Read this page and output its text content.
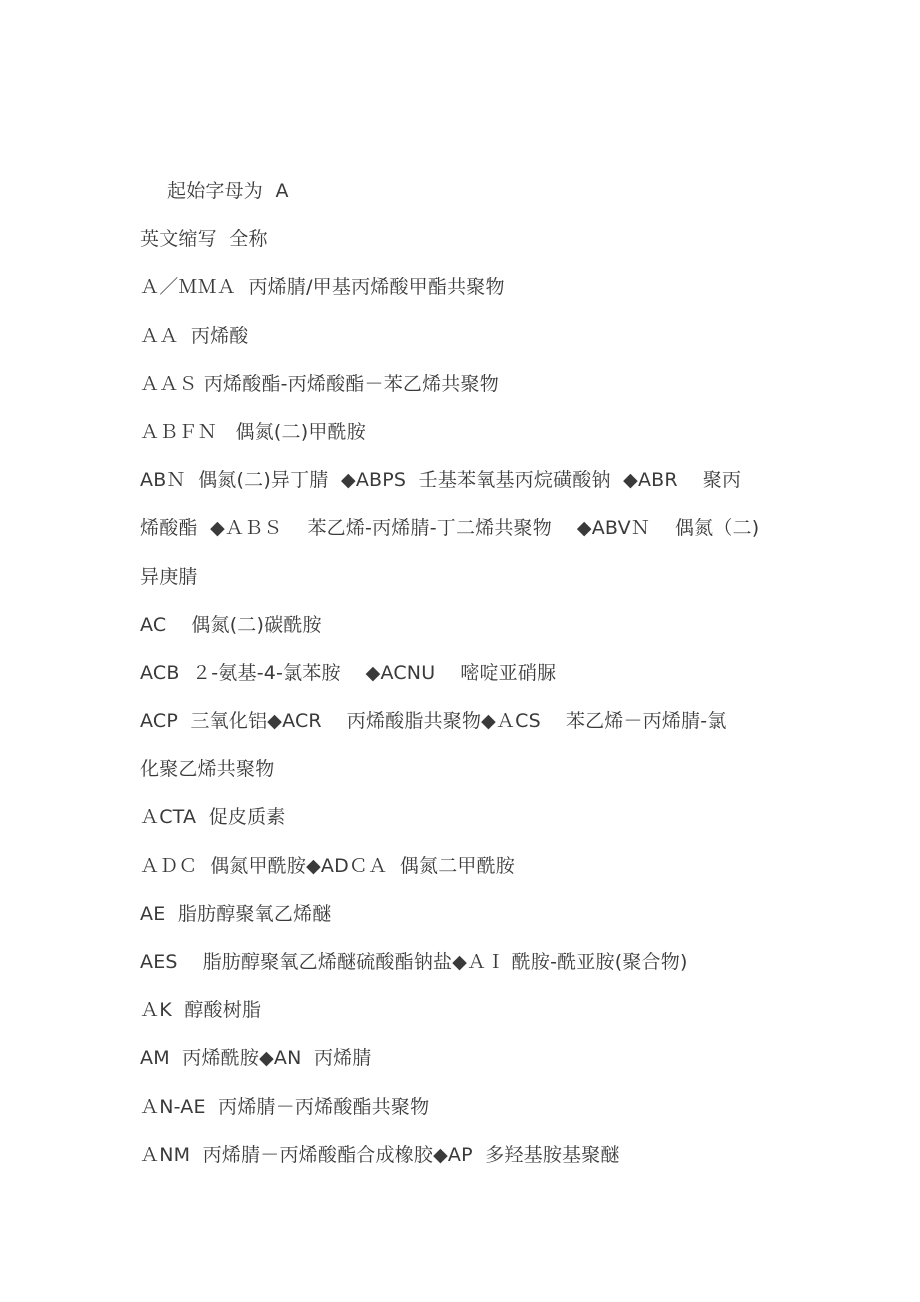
起始字母为  A
英文缩写  全称
Ａ／ＭＭＡ  丙烯腈/甲基丙烯酸甲酯共聚物
ＡＡ  丙烯酸
ＡＡＳ 丙烯酸酯-丙烯酸酯－苯乙烯共聚物
ＡＢＦＮ   偶氮(二)甲酰胺
ABＮ  偶氮(二)异丁腈  ◆ABPS  壬基苯氧基丙烷磺酸钠  ◆ABR    聚丙
烯酸酯  ◆ＡＢＳ    苯乙烯-丙烯腈-丁二烯共聚物    ◆ABVＮ    偶氮（二)
异庚腈
AC    偶氮(二)碳酰胺
ACB  ２-氨基-4-氯苯胺    ◆ACNU    嘧啶亚硝脲
ACP  三氧化铝◆ACR    丙烯酸脂共聚物◆ＡCS    苯乙烯－丙烯腈-氯
化聚乙烯共聚物
ＡCTA  促皮质素
ＡＤＣ  偶氮甲酰胺◆ADＣＡ  偶氮二甲酰胺
AE  脂肪醇聚氧乙烯醚
AES    脂肪醇聚氧乙烯醚硫酸酯钠盐◆ＡＩ 酰胺-酰亚胺(聚合物)
ＡK  醇酸树脂
AM  丙烯酰胺◆AN  丙烯腈
ＡN-AE  丙烯腈－丙烯酸酯共聚物
ＡNM  丙烯腈－丙烯酸酯合成橡胶◆AP  多羟基胺基聚醚
